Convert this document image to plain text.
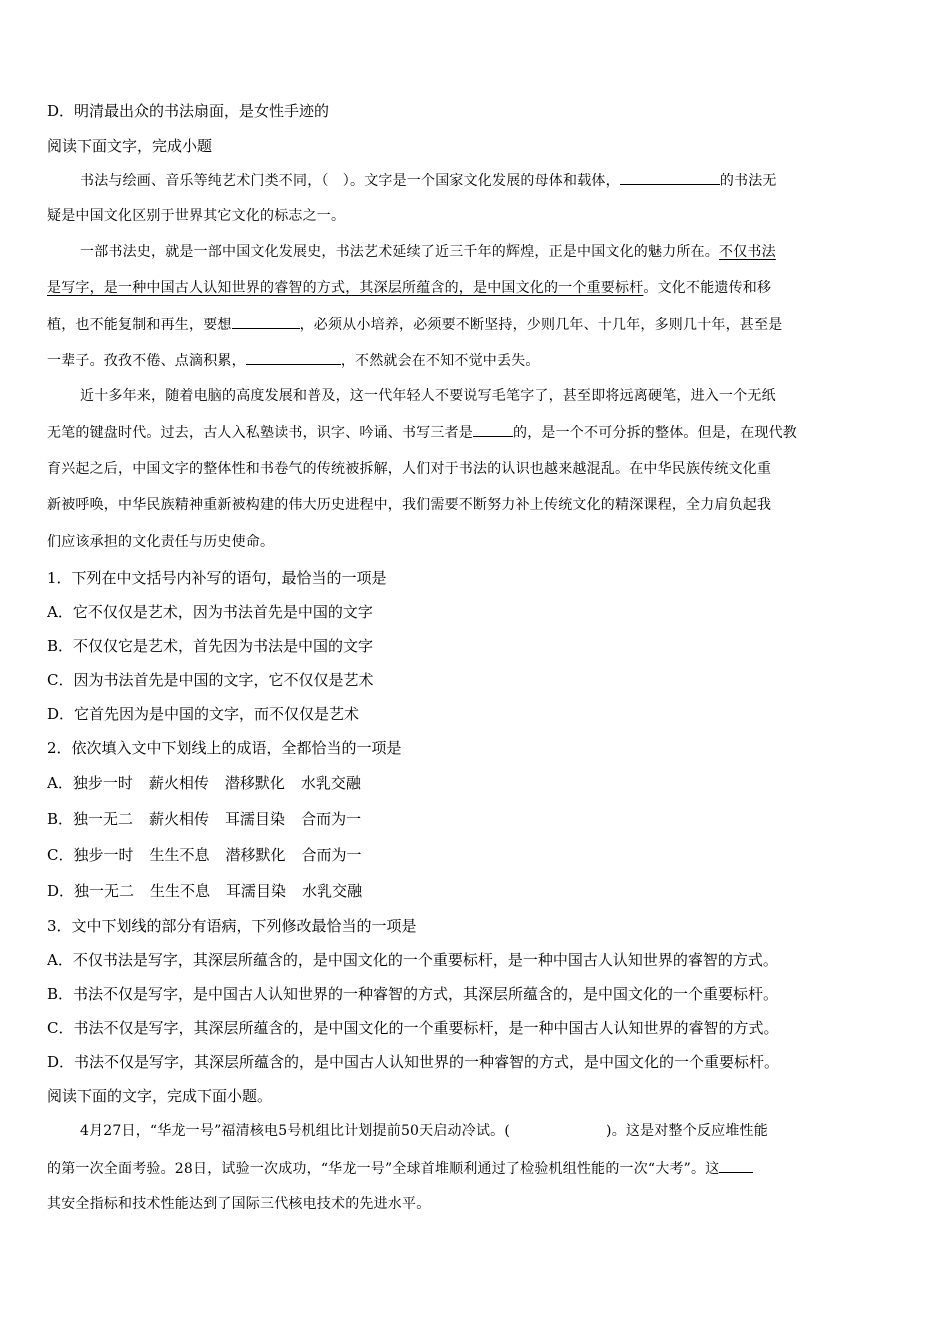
D．明清最出众的书法扇面，是女性手迹的
阅读下面文字，完成小题
书法与绘画、音乐等纯艺术门类不同，（　）。文字是一个国家文化发展的母体和载体，	的书法无
疑是中国文化区别于世界其它文化的标志之一。
一部书法史，就是一部中国文化发展史，书法艺术延续了近三千年的辉煌，正是中国文化的魅力所在。不仅书法
是写字，是一种中国古人认知世界的睿智的方式，其深层所蕴含的，是中国文化的一个重要标杆。文化不能遗传和移
植，也不能复制和再生，要想	，必须从小培养，必须要不断坚持，少则几年、十几年，多则几十年，甚至是
一辈子。孜孜不倦、点滴积累，	，不然就会在不知不觉中丢失。
近十多年来，随着电脑的高度发展和普及，这一代年轻人不要说写毛笔字了，甚至即将远离硬笔，进入一个无纸
无笔的键盘时代。过去，古人入私塾读书，识字、吟诵、书写三者是	的，是一个不可分拆的整体。但是，在现代教
育兴起之后，中国文字的整体性和书卷气的传统被拆解，人们对于书法的认识也越来越混乱。在中华民族传统文化重
新被呼唤，中华民族精神重新被构建的伟大历史进程中，我们需要不断努力补上传统文化的精深课程，全力肩负起我
们应该承担的文化责任与历史使命。
1．下列在中文括号内补写的语句，最恰当的一项是
A．它不仅仅是艺术，因为书法首先是中国的文字
B．不仅仅它是艺术，首先因为书法是中国的文字
C．因为书法首先是中国的文字，它不仅仅是艺术
D．它首先因为是中国的文字，而不仅仅是艺术
2．依次填入文中下划线上的成语，全都恰当的一项是
A．独步一时 薪火相传 潜移默化 水乳交融
B．独一无二 薪火相传 耳濡目染 合而为一
C．独步一时 生生不息 潜移默化 合而为一
D．独一无二 生生不息 耳濡目染 水乳交融
3．文中下划线的部分有语病，下列修改最恰当的一项是
A．不仅书法是写字，其深层所蕴含的，是中国文化的一个重要标杆，是一种中国古人认知世界的睿智的方式。
B．书法不仅是写字，是中国古人认知世界的一种睿智的方式，其深层所蕴含的，是中国文化的一个重要标杆。
C．书法不仅是写字，其深层所蕴含的，是中国文化的一个重要标杆，是一种中国古人认知世界的睿智的方式。
D．书法不仅是写字，其深层所蕴含的，是中国古人认知世界的一种睿智的方式，是中国文化的一个重要标杆。
阅读下面的文字，完成下面小题。
4月27日，“华龙一号”福清核电5号机组比计划提前50天启动冷试。(	)。这是对整个反应堆性能
的第一次全面考验。28日，试验一次成功，“华龙一号”全球首堆顺利通过了检验机组性能的一次“大考”。这
其安全指标和技术性能达到了国际三代核电技术的先进水平。
